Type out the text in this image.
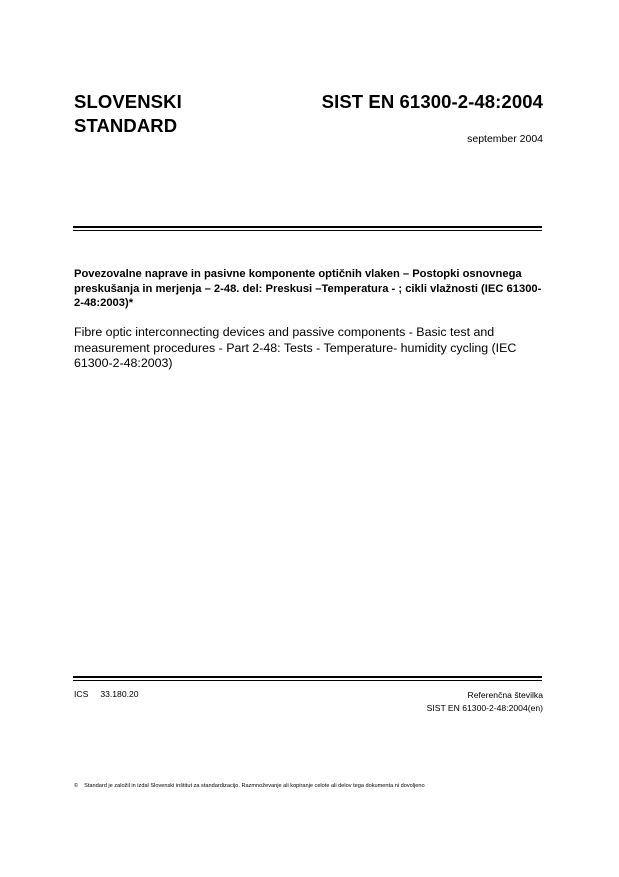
SLOVENSKI
STANDARD
SIST EN 61300-2-48:2004
september 2004
Povezovalne naprave in pasivne komponente optičnih vlaken – Postopki osnovnega preskušanja in merjenja – 2-48. del: Preskusi –Temperatura - ; cikli vlažnosti (IEC 61300-2-48:2003)*
Fibre optic interconnecting devices and passive components - Basic test and measurement procedures - Part 2-48: Tests - Temperature- humidity cycling (IEC 61300-2-48:2003)
ICS 33.180.20	Referenčna številka
SIST EN 61300-2-48:2004(en)
© Standard je založil in izdal Slovenski inštitut za standardizacijo. Razmnoževanje ali kopiranje celote ali delov tega dokumenta ni dovoljeno
